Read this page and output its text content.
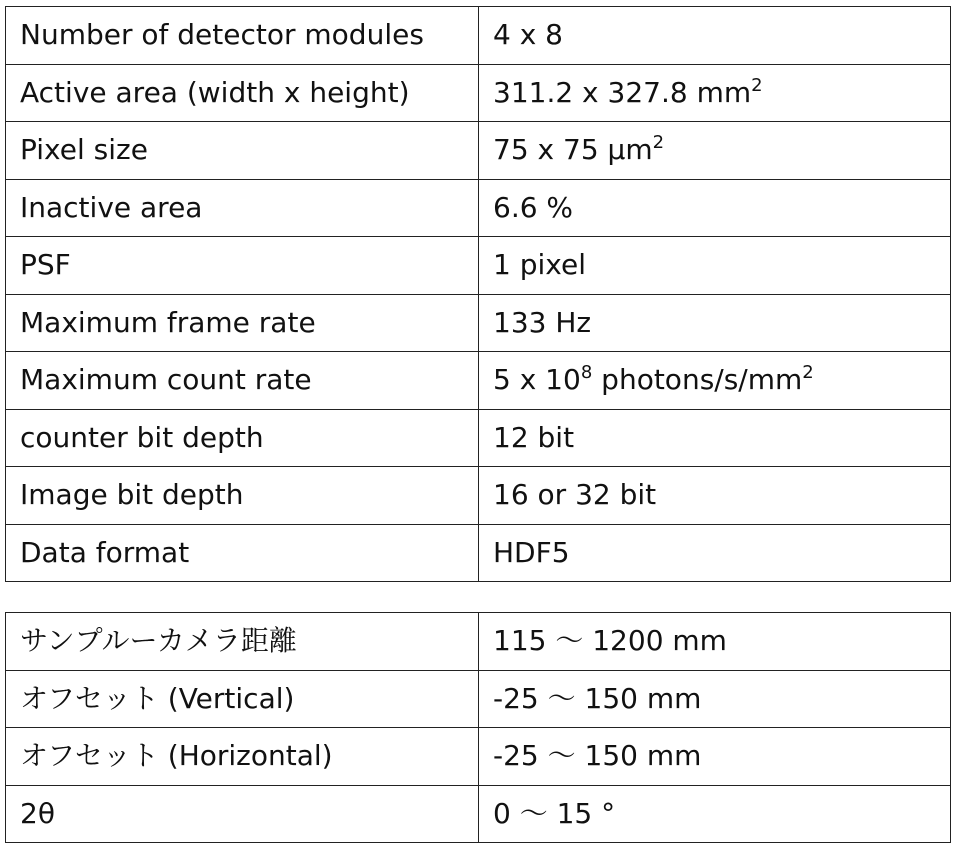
Number of detector modules	4 x 8
Active area (width x height)	311.2 x 327.8 $mm^2$
Pixel size	75 x 75 $\mu m^2$
Inactive area	6.6 %
PSF	1 pixel
Maximum frame rate	133 Hz
Maximum count rate	5 x $10^8$ photons/$s/mm^2$
counter bit depth	12 bit
Image bit depth	16 or 32 bit
Data format	HDF5
サンプルーカメラ距離	115 〜 1200 mm
オフセット (Vertical)	-25 〜 150 mm
オフセット (Horizontal)	-25 〜 150 mm
2θ	0 〜 15 °
